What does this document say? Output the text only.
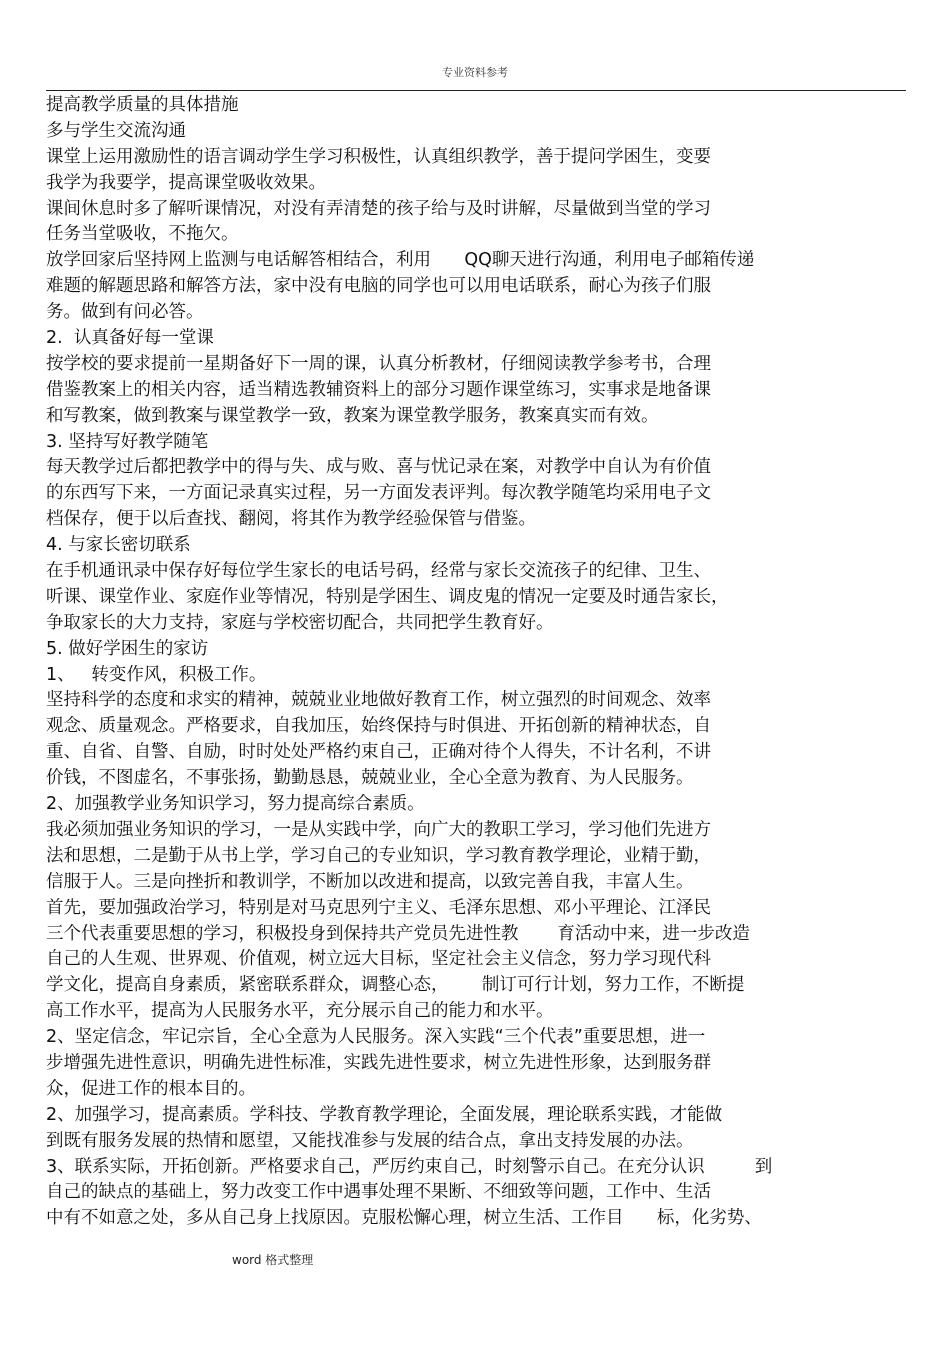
专业资料参考
提高教学质量的具体措施
多与学生交流沟通
课堂上运用激励性的语言调动学生学习积极性，认真组织教学，善于提问学困生，变要
我学为我要学，提高课堂吸收效果。
课间休息时多了解听课情况，对没有弄清楚的孩子给与及时讲解，尽量做到当堂的学习
任务当堂吸收，不拖欠。
放学回家后坚持网上监测与电话解答相结合，利用      QQ聊天进行沟通，利用电子邮箱传递
难题的解题思路和解答方法，家中没有电脑的同学也可以用电话联系，耐心为孩子们服
务。做到有问必答。
2.  认真备好每一堂课
按学校的要求提前一星期备好下一周的课，认真分析教材，仔细阅读教学参考书，合理
借鉴教案上的相关内容，适当精选教辅资料上的部分习题作课堂练习，实事求是地备课
和写教案，做到教案与课堂教学一致，教案为课堂教学服务，教案真实而有效。
3. 坚持写好教学随笔
每天教学过后都把教学中的得与失、成与败、喜与忧记录在案，对教学中自认为有价值
的东西写下来，一方面记录真实过程，另一方面发表评判。每次教学随笔均采用电子文
档保存，便于以后查找、翻阅，将其作为教学经验保管与借鉴。
4. 与家长密切联系
在手机通讯录中保存好每位学生家长的电话号码，经常与家长交流孩子的纪律、卫生、
听课、课堂作业、家庭作业等情况，特别是学困生、调皮鬼的情况一定要及时通告家长，
争取家长的大力支持，家庭与学校密切配合，共同把学生教育好。
5. 做好学困生的家访
1、   转变作风，积极工作。
坚持科学的态度和求实的精神，兢兢业业地做好教育工作，树立强烈的时间观念、效率
观念、质量观念。严格要求，自我加压，始终保持与时俱进、开拓创新的精神状态，自
重、自省、自警、自励，时时处处严格约束自己，正确对待个人得失，不计名利，不讲
价钱，不图虚名，不事张扬，勤勤恳恳，兢兢业业，全心全意为教育、为人民服务。
2、加强教学业务知识学习，努力提高综合素质。
我必须加强业务知识的学习，一是从实践中学，向广大的教职工学习，学习他们先进方
法和思想，二是勤于从书上学，学习自己的专业知识，学习教育教学理论，业精于勤，
信服于人。三是向挫折和教训学，不断加以改进和提高，以致完善自我，丰富人生。
首先，要加强政治学习，特别是对马克思列宁主义、毛泽东思想、邓小平理论、江泽民
三个代表重要思想的学习，积极投身到保持共产党员先进性教       育活动中来，进一步改造
自己的人生观、世界观、价值观，树立远大目标，坚定社会主义信念，努力学习现代科
学文化，提高自身素质，紧密联系群众，调整心态，      制订可行计划，努力工作，不断提
高工作水平，提高为人民服务水平，充分展示自己的能力和水平。
2、坚定信念，牢记宗旨，全心全意为人民服务。深入实践“三个代表”重要思想，进一
步增强先进性意识，明确先进性标准，实践先进性要求，树立先进性形象，达到服务群
众，促进工作的根本目的。
2、加强学习，提高素质。学科技、学教育教学理论，全面发展，理论联系实践，才能做
到既有服务发展的热情和愿望，又能找准参与发展的结合点，拿出支持发展的办法。
3、联系实际，开拓创新。严格要求自己，严厉约束自己，时刻警示自己。在充分认识         到
自己的缺点的基础上，努力改变工作中遇事处理不果断、不细致等问题，工作中、生活
中有不如意之处，多从自己身上找原因。克服松懈心理，树立生活、工作目      标，化劣势、
word 格式整理
